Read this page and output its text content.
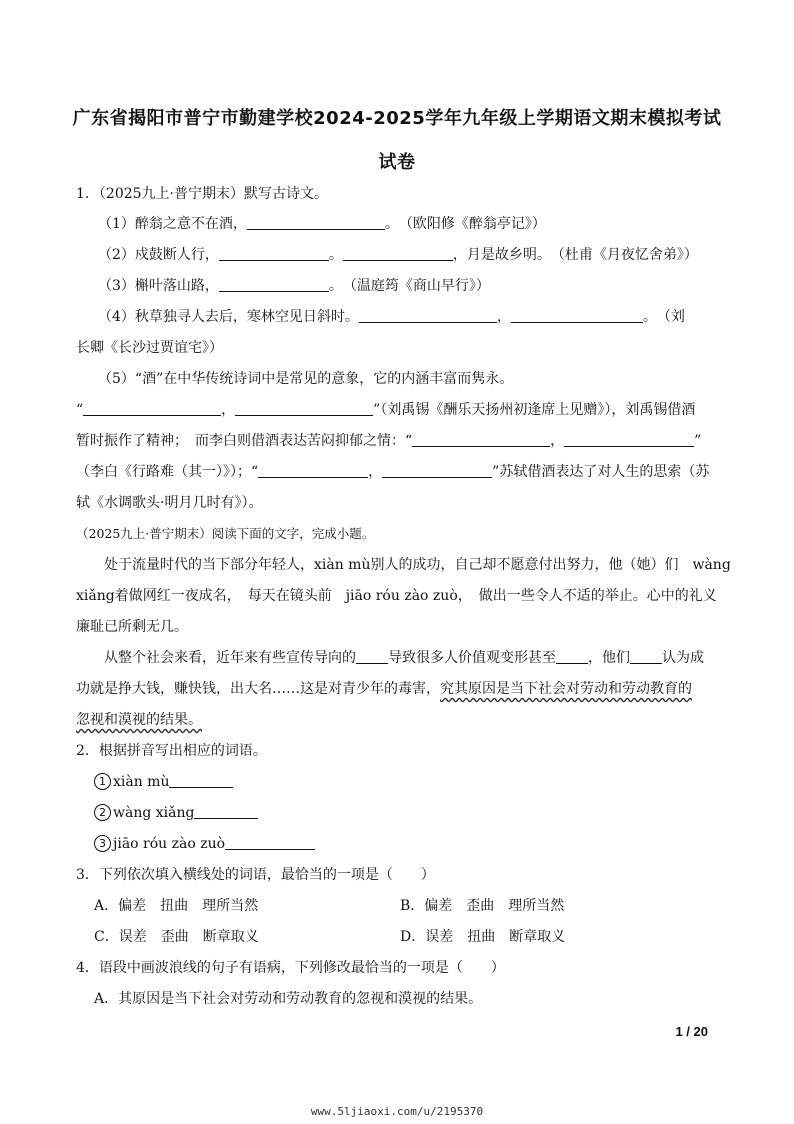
广东省揭阳市普宁市勤建学校2024-2025学年九年级上学期语文期末模拟考试
试卷
1．（2025九上·普宁期末）默写古诗文。
（1）醉翁之意不在酒，	。　（欧阳修《醉翁亭记》）
（2）戍鼓断人行，	。	，月是故乡明。　（杜甫《月夜忆舍弟》）
（3）槲叶落山路，	。　（温庭筠《商山早行》）
（4）秋草独寻人去后，寒林空见日斜时。	，	。　（刘
长卿《长沙过贾谊宅》）
（5）“酒”在中华传统诗词中是常见的意象，它的内涵丰富而隽永。
“	，	”（刘禹锡《酬乐天扬州初逢席上见赠》），刘禹锡借酒
暂时振作了精神；　而李白则借酒表达苦闷抑郁之情：“	，	”
（李白《行路难（其一）》）；“	，	”苏轼借酒表达了对人生的思索（苏
轼《水调歌头·明月几时有》）。
（2025九上·普宁期末）阅读下面的文字，完成小题。
处于流量时代的当下部分年轻人，xiàn mù别人的成功，自己却不愿意付出努力，他（她）们　wàng
xiǎng着做网红一夜成名，　每天在镜头前　jiāo róu zào zuò，　做出一些令人不适的举止。心中的礼义
廉耻已所剩无几。
从整个社会来看，近年来有些宣传导向的 导致很多人价值观变形甚至 ，他们 认为成
功就是挣大钱，赚快钱，出大名……这是对青少年的毒害，究其原因是当下社会对劳动和劳动教育的
忽视和漠视的结果。
2．根据拼音写出相应的词语。
1 xiàn mù
2 wàng xiǎng
3 jiāo róu zào zuò
3．下列依次填入横线处的词语，最恰当的一项是（　　）
A．偏差　扭曲　理所当然	B．偏差　歪曲　理所当然
C．误差　歪曲　断章取义	D．误差　扭曲　断章取义
4．语段中画波浪线的句子有语病，下列修改最恰当的一项是（　　）
A．其原因是当下社会对劳动和劳动教育的忽视和漠视的结果。
1 / 20
www.5ljiaoxi.com/u/2195370
